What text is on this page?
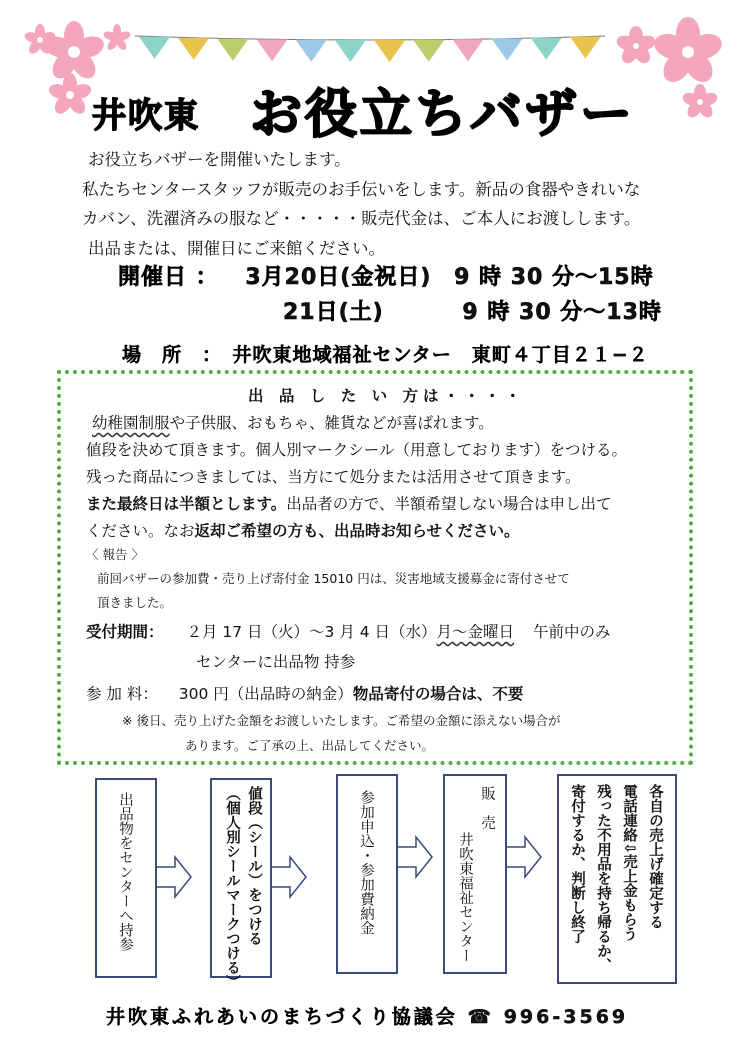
井吹東 お役立ちバザー
お役立ちバザーを開催いたします。
私たちセンタースタッフが販売のお手伝いをします。新品の食器やきれいな
カバン、洗濯済みの服など・・・・・販売代金は、ご本人にお渡しします。
出品または、開催日にご来館ください。
開催日 ： 3月20日(金祝日) 9 時 30 分～15時
21日(土)	9 時 30 分～13時
場　所　：　井吹東地域福祉センター　東町４丁目２１−２
出 品 し た い 方は・・・・
幼稚園制服や子供服、おもちゃ、雑貨などが喜ばれます。
値段を決めて頂きます。個人別マークシール（用意しております）をつける。
残った商品につきましては、当方にて処分または活用させて頂きます。
また最終日は半額とします。出品者の方で、半額希望しない場合は申し出て
ください。なお返却ご希望の方も、出品時お知らせください。
〈 報告 〉
前回バザーの参加費・売り上げ寄付金 15010 円は、災害地域支援募金に寄付させて
頂きました。
受付期間： ２月 17 日（火）～3 月 4 日（水）月～金曜日 午前中のみ
センターに出品物 持参
参 加 料： 300 円（出品時の納金）物品寄付の場合は、不要
※ 後日、売り上げた金額をお渡しいたします。ご希望の金額に添えない場合が
あります。ご了承の上、出品してください。
出品物をセンターへ持参	値段（シール）をつける
（個人別シールマークつける）	参加申込・参加費納金	販　売
井吹東福祉センター	各自の売上げ確定する
電話連絡⇩売上金もらう
残った不用品を持ち帰るか、
寄付するか、判断し終了
井吹東ふれあいのまちづくり協議会 ☎ 996-3569
